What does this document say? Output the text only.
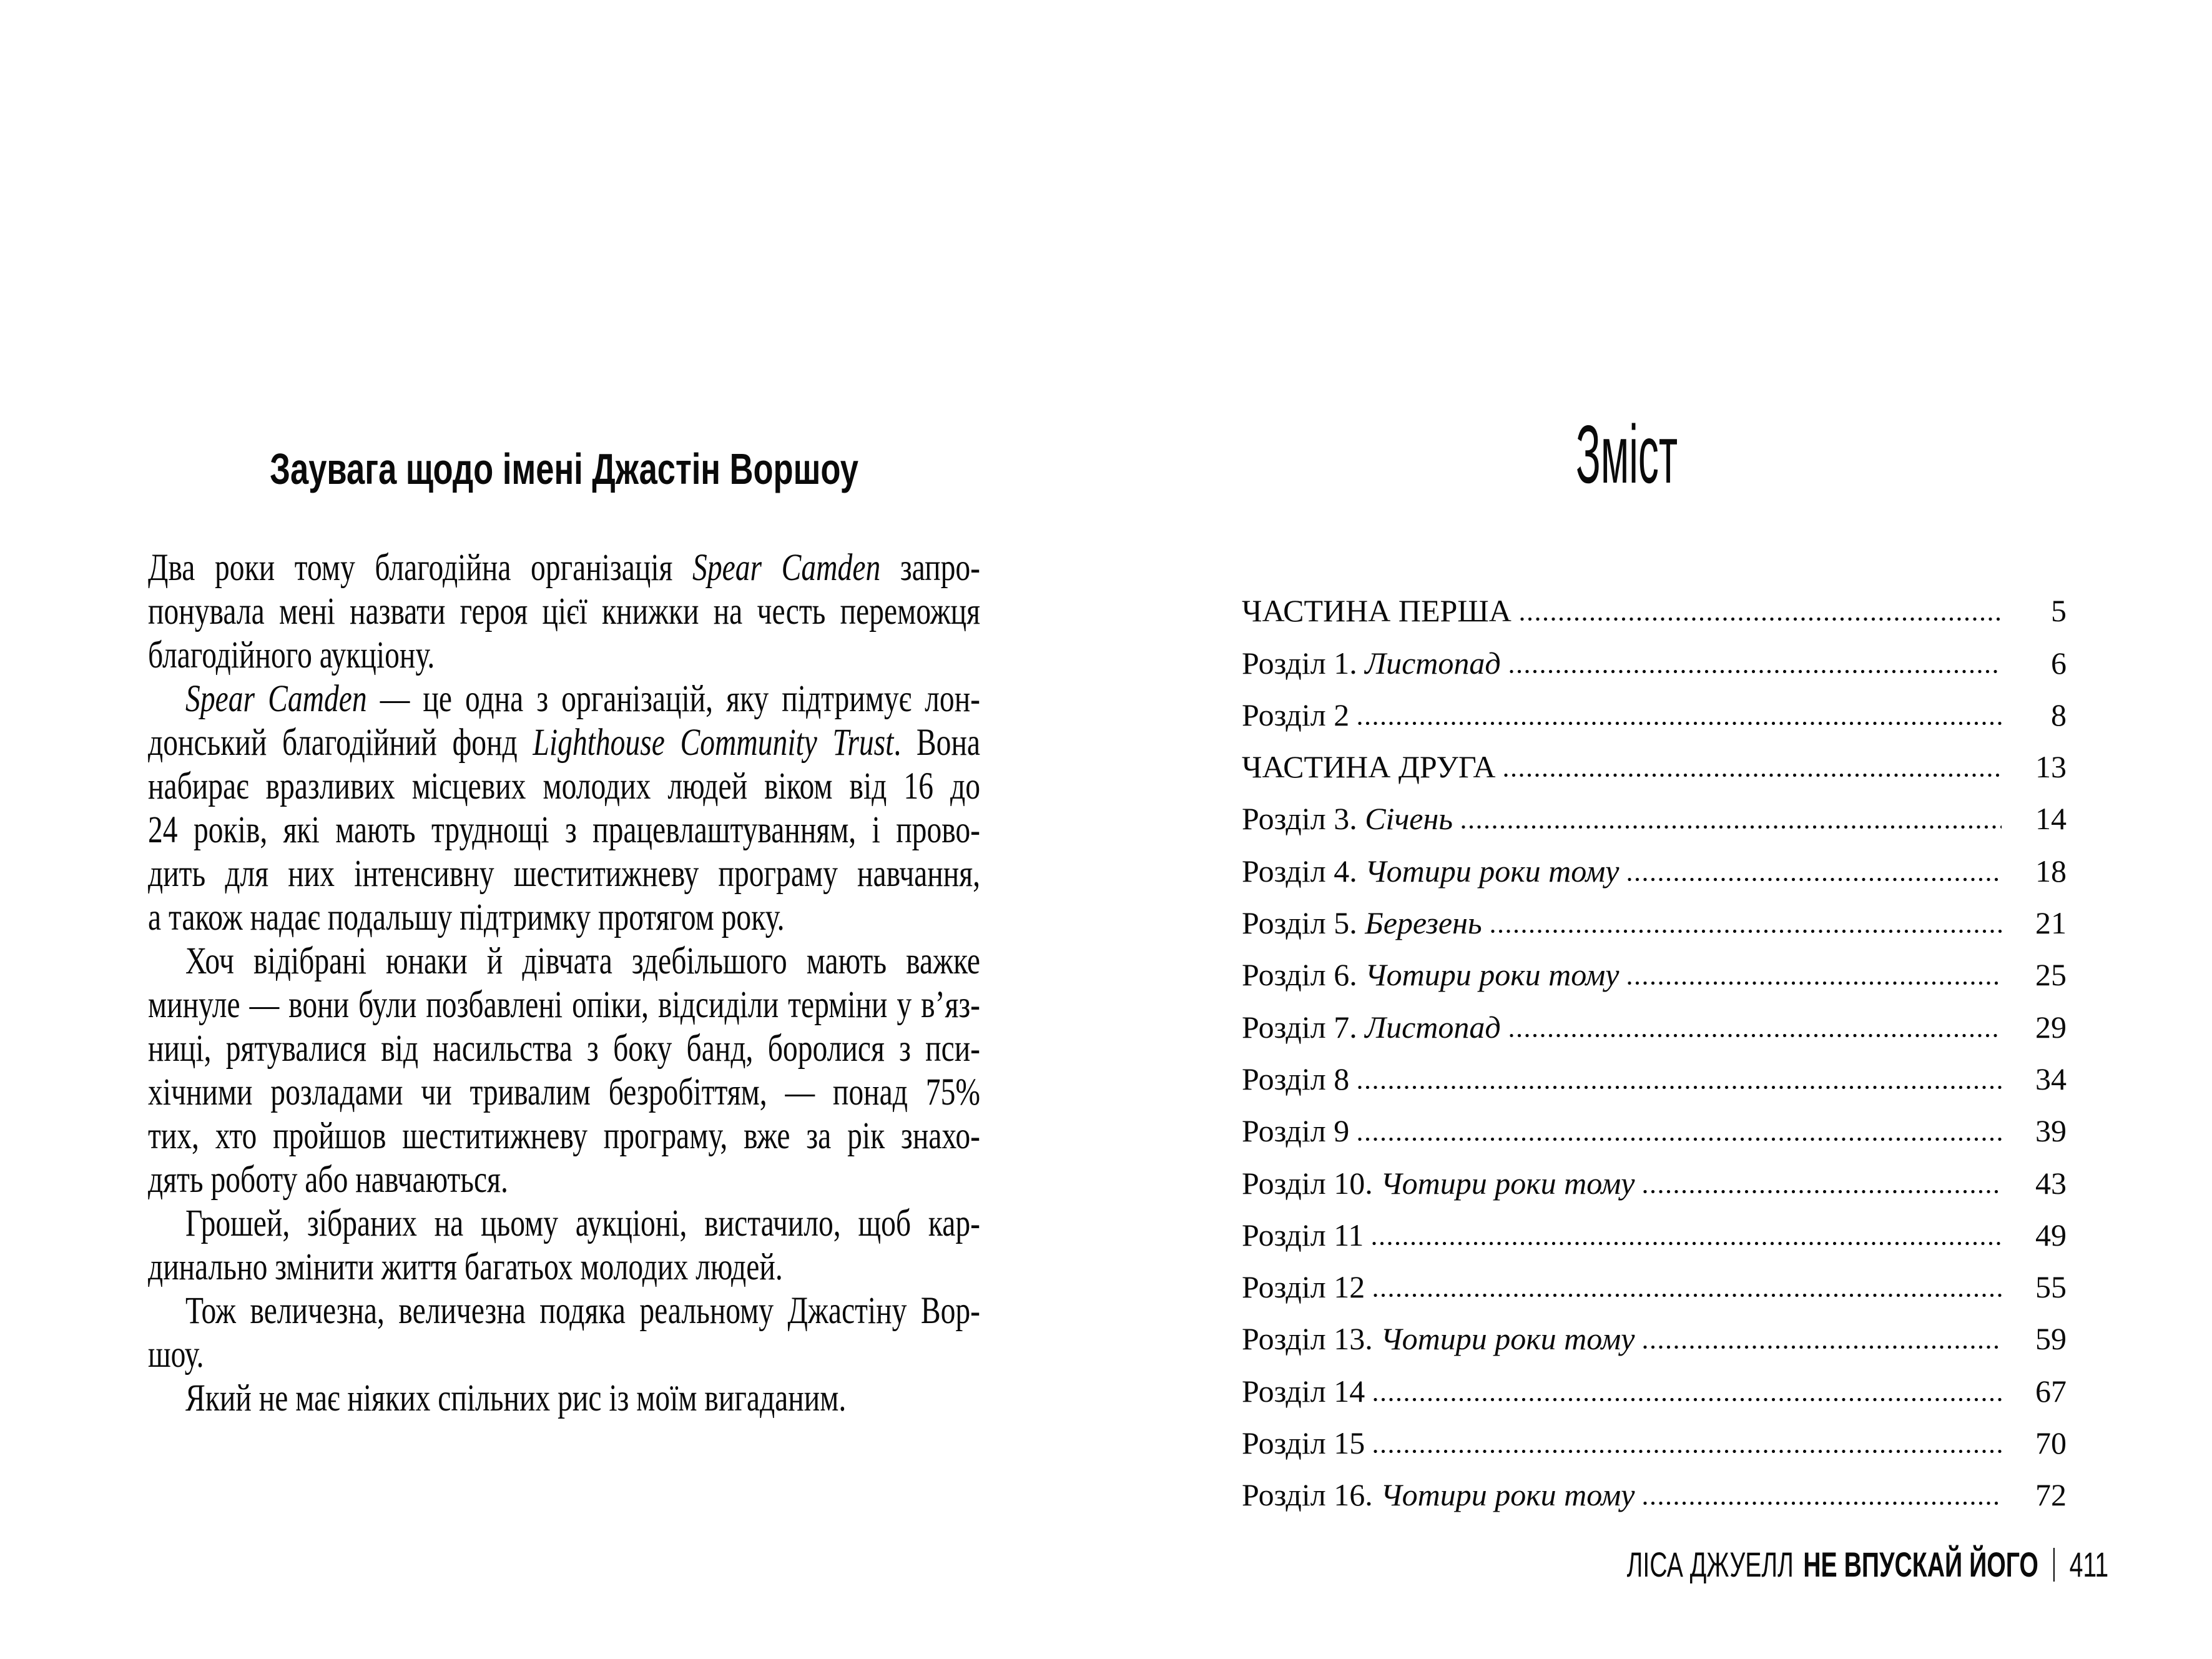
Заувага щодо імені Джастін Воршоу

Два роки тому благодійна організація Spear Camden запро-
понувала мені назвати героя цієї книжки на честь переможця
благодійного аукціону.

Spear Camden — це одна з організацій, яку підтримує лон-
донський благодійний фонд Lighthouse Community Trust. Вона
набирає вразливих місцевих молодих людей віком від 16 до
24 років, які мають труднощі з працевлаштуванням, і прово-
дить для них інтенсивну шеститижневу програму навчання,
а також надає подальшу підтримку протягом року.

Хоч відібрані юнаки й дівчата здебільшого мають важке
минуле — вони були позбавлені опіки, відсиділи терміни у в’яз-
ниці, рятувалися від насильства з боку банд, боролися з пси-
хічними розладами чи тривалим безробіттям, — понад 75%
тих, хто пройшов шеститижневу програму, вже за рік знахо-
дять роботу або навчаються.

Грошей, зібраних на цьому аукціоні, вистачило, щоб кар-
динально змінити життя багатьох молодих людей.

Тож величезна, величезна подяка реальному Джастіну Вор-
шоу.

Який не має ніяких спільних рис із моїм вигаданим.

Зміст
ЧАСТИНА ПЕРША	5
Розділ 1. Листопад	6
Розділ 2	8
ЧАСТИНА ДРУГА	13
Розділ 3. Січень	14
Розділ 4. Чотири роки тому	18
Розділ 5. Березень	21
Розділ 6. Чотири роки тому	25
Розділ 7. Листопад	29
Розділ 8	34
Розділ 9	39
Розділ 10. Чотири роки тому	43
Розділ 11	49
Розділ 12	55
Розділ 13. Чотири роки тому	59
Розділ 14	67
Розділ 15	70
Розділ 16. Чотири роки тому	72
ЛІСА ДЖУЕЛЛ НЕ ВПУСКАЙ ЙОГО 411
